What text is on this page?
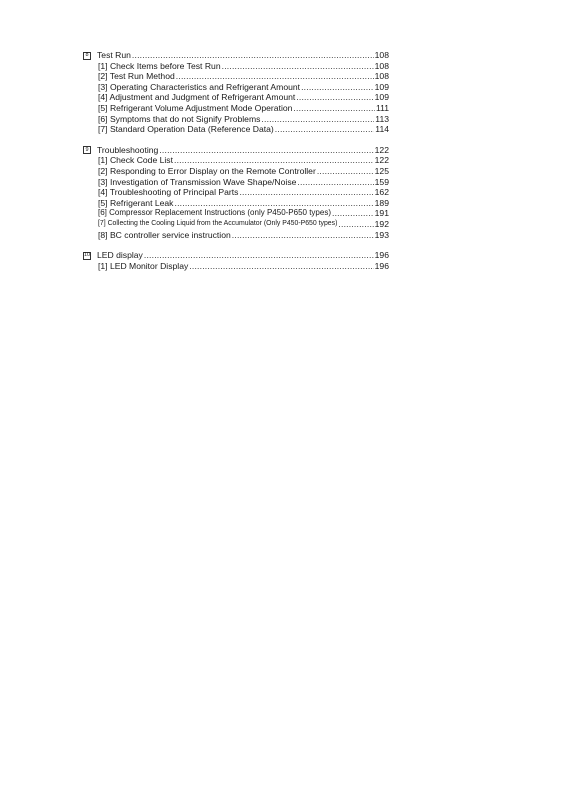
8 Test Run .....	108
[1] Check Items before Test Run .....	108
[2] Test Run Method .....	108
[3] Operating Characteristics and Refrigerant Amount .....	109
[4] Adjustment and Judgment of Refrigerant Amount .....	109
[5] Refrigerant Volume Adjustment Mode Operation .....	111
[6] Symptoms that do not Signify Problems .....	113
[7] Standard Operation Data (Reference Data) .....	114
9 Troubleshooting .....	122
[1] Check Code List .....	122
[2] Responding to Error Display on the Remote Controller .....	125
[3] Investigation of Transmission Wave Shape/Noise .....	159
[4] Troubleshooting of Principal Parts .....	162
[5] Refrigerant Leak .....	189
[6] Compressor Replacement Instructions (only P450-P650 types) .....	191
[7] Collecting the Cooling Liquid from the Accumulator (Only P450-P650 types) .....	192
[8] BC controller service instruction .....	193
10 LED display .....	196
[1] LED Monitor Display .....	196
